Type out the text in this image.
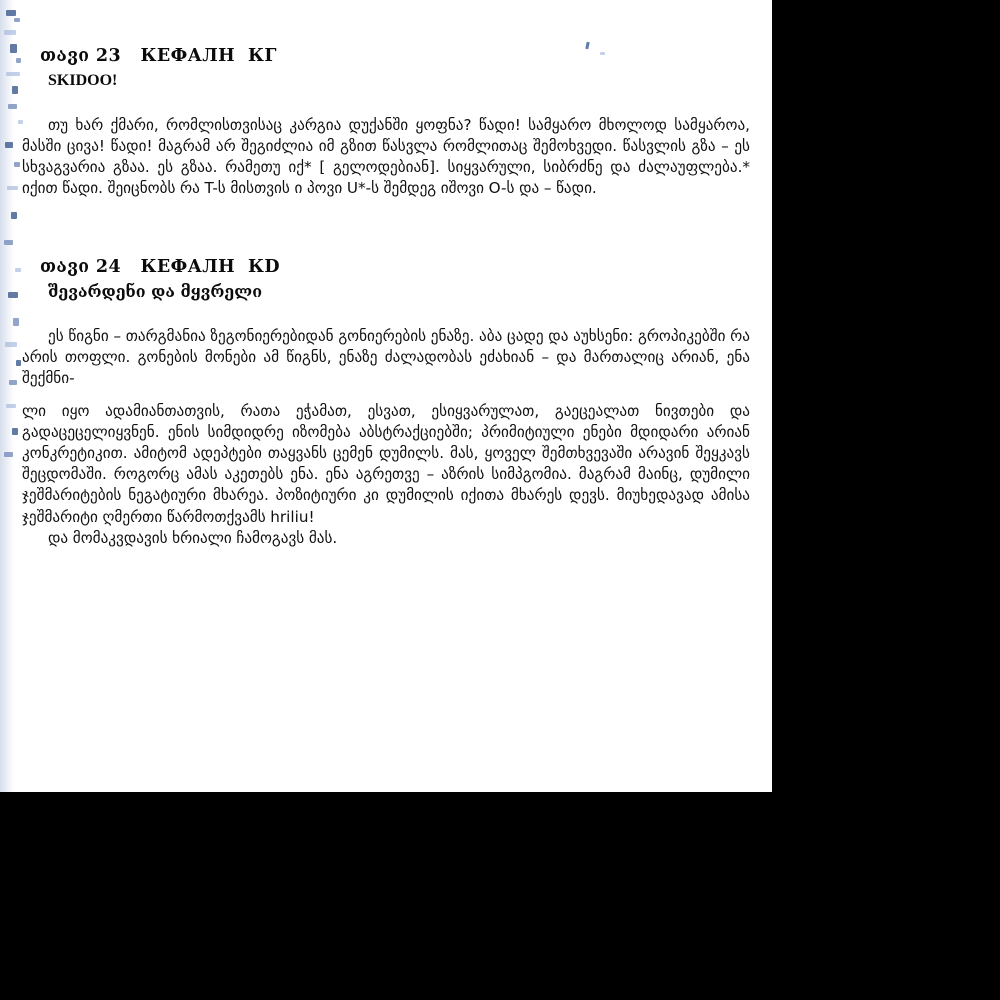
თავი 23   КЕФАЛН  КГ
SKIDOO!

თუ ხარ ქმარი, რომლისთვისაც კარგია დუქანში ყოფნა? წადი! სამყარო მხოლოდ სამყაროა, მასში ცივა! წადი! მაგრამ არ შეგიძლია იმ გზით წასვლა რომლითაც შემოხვედი. წასვლის გზა – ეს სხვაგვარია გზაა. ეს გზაა. რამეთუ იქ* [ გელოდებიან]. სიყვარული, სიბრძნე და ძალაუფლება.* იქით წადი. შეიცნობს რა T-ს მისთვის ი პოვი U*-ს შემდეგ იშოვი O-ს და – წადი.

თავი 24   КЕФАЛН  КD
შევარდენი და მყვრელი

ეს წიგნი – თარგმანია ზეგონიერებიდან გონიერების ენაზე. აბა ცადე და აუხსენი: გროპიკებში რა არის თოფლი. გონების მონები ამ წიგნს, ენაზე ძალადობას ეძახიან – და მართალიც არიან, ენა შექმნი-

ლი იყო ადამიანთათვის, რათა ეჭამათ, ესვათ, ესიყვარულათ, გაეცეალათ ნივთები და გადაცეცელიყვნენ. ენის სიმდიდრე იზომება აბსტრაქციებში; პრიმიტიული ენები მდიდარი არიან კონკრეტიკით. ამიტომ ადეპტები თაყვანს ცემენ დუმილს. მას, ყოველ შემთხვევაში არავინ შეყკავს შეცდომაში. როგორც ამას აკეთებს ენა. ენა აგრეთვე – აზრის სიმპგომია. მაგრამ მაინც, დუმილი ჯეშმარიტების ნეგატიური მხარეა. პოზიტიური კი დუმილის იქითა მხარეს დევს. მიუხედავად ამისა ჯეშმარიტი ღმერთი წარმოთქვამს hriliu!

და მომაკვდავის ხრიალი ჩამოგავს მას.
